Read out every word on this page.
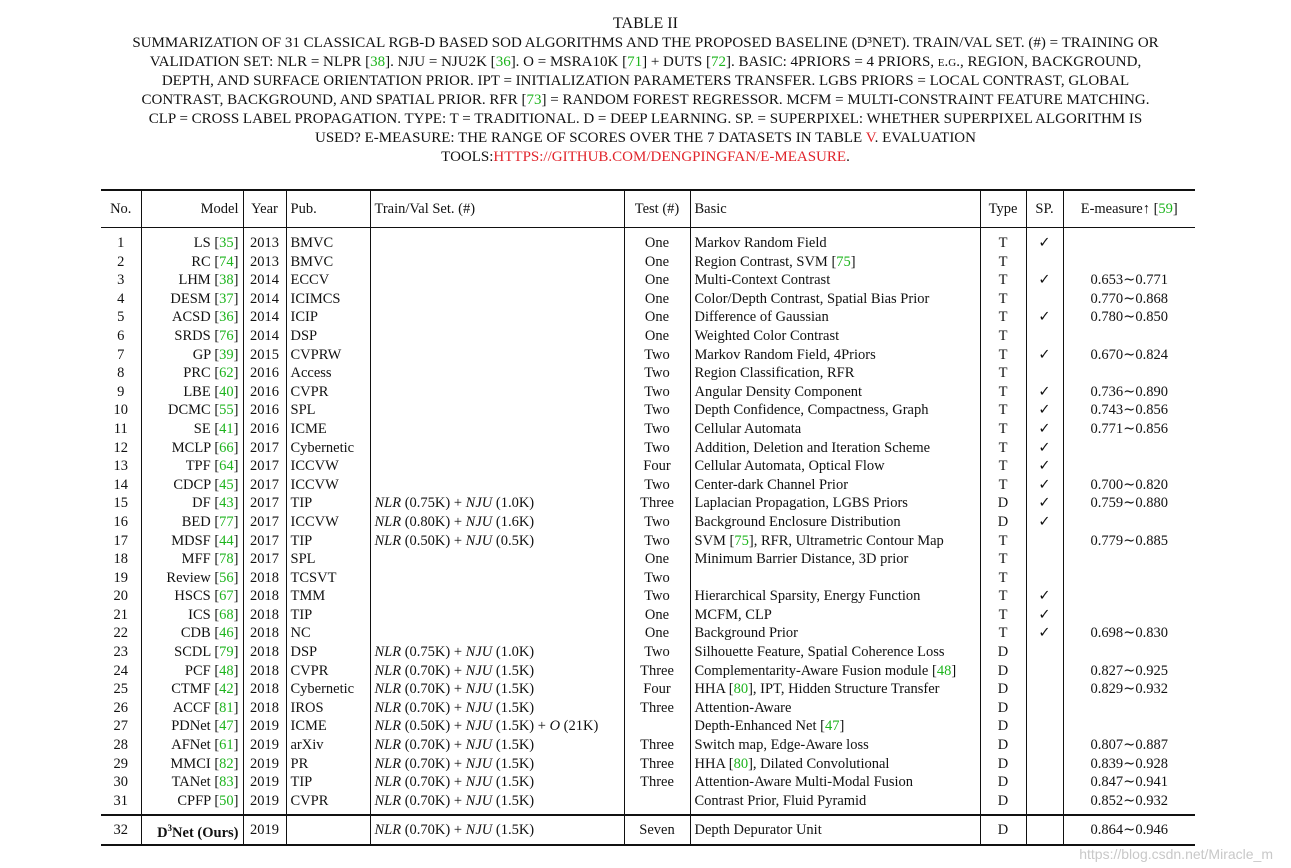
TABLE II
SUMMARIZATION OF 31 CLASSICAL RGB-D BASED SOD ALGORITHMS AND THE PROPOSED BASELINE (D³NET). TRAIN/VAL SET. (#) = TRAINING OR
VALIDATION SET: NLR = NLPR [38]. NJU = NJU2K [36]. O = MSRA10K [71] + DUTS [72]. BASIC: 4PRIORS = 4 PRIORS, e.g., REGION, BACKGROUND,
DEPTH, AND SURFACE ORIENTATION PRIOR. IPT = INITIALIZATION PARAMETERS TRANSFER. LGBS PRIORS = LOCAL CONTRAST, GLOBAL
CONTRAST, BACKGROUND, AND SPATIAL PRIOR. RFR [73] = RANDOM FOREST REGRESSOR. MCFM = MULTI-CONSTRAINT FEATURE MATCHING.
CLP = CROSS LABEL PROPAGATION. TYPE: T = TRADITIONAL. D = DEEP LEARNING. SP. = SUPERPIXEL: WHETHER SUPERPIXEL ALGORITHM IS
USED? E-MEASURE: THE RANGE OF SCORES OVER THE 7 DATASETS IN TABLE V. EVALUATION
TOOLS:HTTPS://GITHUB.COM/DENGPINGFAN/E-MEASURE.
No.	Model	Year	Pub.	Train/Val Set. (#)	Test (#)	Basic	Type	SP.	E-measure↑ [59]
1	LS [35]	2013	BMVC		One	Markov Random Field	T	✓	
2	RC [74]	2013	BMVC		One	Region Contrast, SVM [75]	T		
3	LHM [38]	2014	ECCV		One	Multi-Context Contrast	T	✓	0.653∼0.771
4	DESM [37]	2014	ICIMCS		One	Color/Depth Contrast, Spatial Bias Prior	T		0.770∼0.868
5	ACSD [36]	2014	ICIP		One	Difference of Gaussian	T	✓	0.780∼0.850
6	SRDS [76]	2014	DSP		One	Weighted Color Contrast	T		
7	GP [39]	2015	CVPRW		Two	Markov Random Field, 4Priors	T	✓	0.670∼0.824
8	PRC [62]	2016	Access		Two	Region Classification, RFR	T		
9	LBE [40]	2016	CVPR		Two	Angular Density Component	T	✓	0.736∼0.890
10	DCMC [55]	2016	SPL		Two	Depth Confidence, Compactness, Graph	T	✓	0.743∼0.856
11	SE [41]	2016	ICME		Two	Cellular Automata	T	✓	0.771∼0.856
12	MCLP [66]	2017	Cybernetic		Two	Addition, Deletion and Iteration Scheme	T	✓	
13	TPF [64]	2017	ICCVW		Four	Cellular Automata, Optical Flow	T	✓	
14	CDCP [45]	2017	ICCVW		Two	Center-dark Channel Prior	T	✓	0.700∼0.820
15	DF [43]	2017	TIP	NLR (0.75K) + NJU (1.0K)	Three	Laplacian Propagation, LGBS Priors	D	✓	0.759∼0.880
16	BED [77]	2017	ICCVW	NLR (0.80K) + NJU (1.6K)	Two	Background Enclosure Distribution	D	✓	
17	MDSF [44]	2017	TIP	NLR (0.50K) + NJU (0.5K)	Two	SVM [75], RFR, Ultrametric Contour Map	T		0.779∼0.885
18	MFF [78]	2017	SPL		One	Minimum Barrier Distance, 3D prior	T		
19	Review [56]	2018	TCSVT		Two		T		
20	HSCS [67]	2018	TMM		Two	Hierarchical Sparsity, Energy Function	T	✓	
21	ICS [68]	2018	TIP		One	MCFM, CLP	T	✓	
22	CDB [46]	2018	NC		One	Background Prior	T	✓	0.698∼0.830
23	SCDL [79]	2018	DSP	NLR (0.75K) + NJU (1.0K)	Two	Silhouette Feature, Spatial Coherence Loss	D		
24	PCF [48]	2018	CVPR	NLR (0.70K) + NJU (1.5K)	Three	Complementarity-Aware Fusion module [48]	D		0.827∼0.925
25	CTMF [42]	2018	Cybernetic	NLR (0.70K) + NJU (1.5K)	Four	HHA [80], IPT, Hidden Structure Transfer	D		0.829∼0.932
26	ACCF [81]	2018	IROS	NLR (0.70K) + NJU (1.5K)	Three	Attention-Aware	D		
27	PDNet [47]	2019	ICME	NLR (0.50K) + NJU (1.5K) + O (21K)		Depth-Enhanced Net [47]	D		
28	AFNet [61]	2019	arXiv	NLR (0.70K) + NJU (1.5K)	Three	Switch map, Edge-Aware loss	D		0.807∼0.887
29	MMCI [82]	2019	PR	NLR (0.70K) + NJU (1.5K)	Three	HHA [80], Dilated Convolutional	D		0.839∼0.928
30	TANet [83]	2019	TIP	NLR (0.70K) + NJU (1.5K)	Three	Attention-Aware Multi-Modal Fusion	D		0.847∼0.941
31	CPFP [50]	2019	CVPR	NLR (0.70K) + NJU (1.5K)		Contrast Prior, Fluid Pyramid	D		0.852∼0.932
32	$D^3Net$ (Ours)	2019		NLR (0.70K) + NJU (1.5K)	Seven	Depth Depurator Unit	D		0.864∼0.946
https://blog.csdn.net/Miracle_m
